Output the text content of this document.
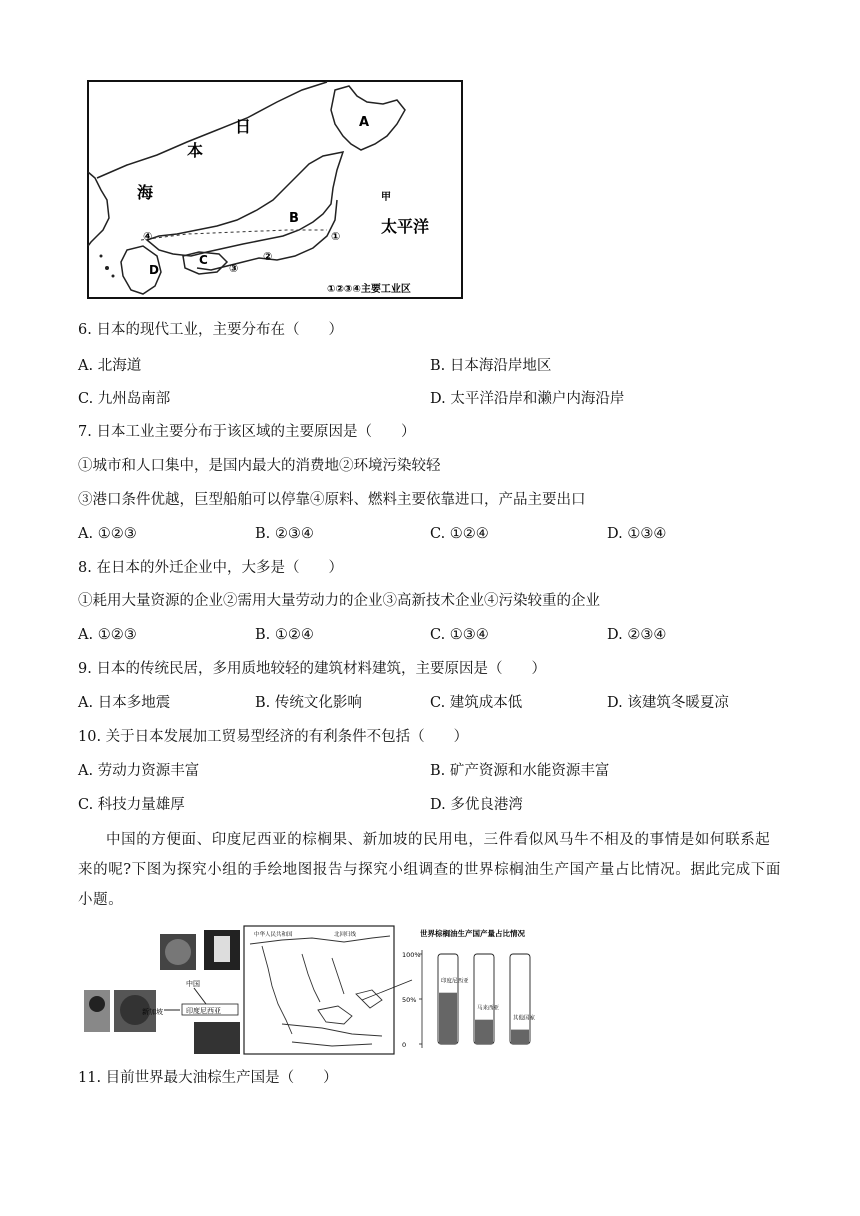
日
本
海
太平洋
甲
A
B
C
D
①
②
③
④
①②③④主要工业区
6. 日本的现代工业，主要分布在（　　）
A. 北海道	B. 日本海沿岸地区
C. 九州岛南部	D. 太平洋沿岸和濑户内海沿岸
7. 日本工业主要分布于该区域的主要原因是（　　）
①城市和人口集中，是国内最大的消费地②环境污染较轻
③港口条件优越，巨型船舶可以停靠④原料、燃料主要依靠进口，产品主要出口
A. ①②③	B. ②③④	C. ①②④	D. ①③④
8. 在日本的外迁企业中，大多是（　　）
①耗用大量资源的企业②需用大量劳动力的企业③高新技术企业④污染较重的企业
A. ①②③	B. ①②④	C. ①③④	D. ②③④
9. 日本的传统民居，多用质地较轻的建筑材料建筑，主要原因是（　　）
A. 日本多地震	B. 传统文化影响	C. 建筑成本低	D. 该建筑冬暖夏凉
10. 关于日本发展加工贸易型经济的有利条件不包括（　　）
A. 劳动力资源丰富	B. 矿产资源和水能资源丰富
C. 科技力量雄厚	D. 多优良港湾
中国的方便面、印度尼西亚的棕榈果、新加坡的民用电，三件看似风马牛不相及的事情是如何联系起来的呢?下图为探究小组的手绘地图报告与探究小组调查的世界棕榈油生产国产量占比情况。据此完成下面小题。
中国
印度尼西亚
新加坡
中华人民共和国	北回归线	世界棕榈油生产国产量占比情况
100%
50%
0
印度尼西亚
马来西亚
其他国家
11. 目前世界最大油棕生产国是（　　）
